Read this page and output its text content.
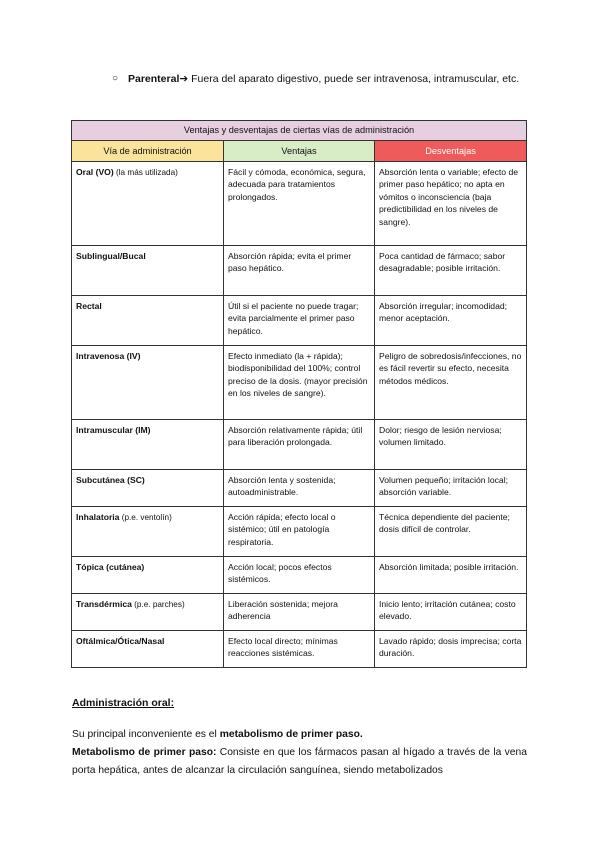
○ Parenteral➔ Fuera del aparato digestivo, puede ser intravenosa, intramuscular, etc.
Ventajas y desventajas de ciertas vías de administración		
Vía de administración	Ventajas	Desventajas
Oral (VO) (la más utilizada)	Fácil y cómoda, económica, segura, adecuada para tratamientos prolongados.	Absorción lenta o variable; efecto de primer paso hepático; no apta en vómitos o inconsciencia (baja predictibilidad en los niveles de sangre).
Sublingual/Bucal	Absorción rápida; evita el primer paso hepático.	Poca cantidad de fármaco; sabor desagradable; posible irritación.
Rectal	Útil si el paciente no puede tragar; evita parcialmente el primer paso hepático.	Absorción irregular; incomodidad; menor aceptación.
Intravenosa (IV)	Efecto inmediato (la + rápida); biodisponibilidad del 100%; control preciso de la dosis. (mayor precisión en los niveles de sangre).	Peligro de sobredosis/infecciones, no es fácil revertir su efecto, necesita métodos médicos.
Intramuscular (IM)	Absorción relativamente rápida; útil para liberación prolongada.	Dolor; riesgo de lesión nerviosa; volumen limitado.
Subcutánea (SC)	Absorción lenta y sostenida; autoadministrable.	Volumen pequeño; irritación local; absorción variable.
Inhalatoria (p.e. ventolín)	Acción rápida; efecto local o sistémico; útil en patología respiratoria.	Técnica dependiente del paciente; dosis difícil de controlar.
Tópica (cutánea)	Acción local; pocos efectos sistémicos.	Absorción limitada; posible irritación.
Transdérmica (p.e. parches)	Liberación sostenida; mejora adherencia	Inicio lento; irritación cutánea; costo elevado.
Oftálmica/Ótica/Nasal	Efecto local directo; mínimas reacciones sistémicas.	Lavado rápido; dosis imprecisa; corta duración.
Administración oral:
Su principal inconveniente es el metabolismo de primer paso.
Metabolismo de primer paso: Consiste en que los fármacos pasan al hígado a través de la vena porta hepática, antes de alcanzar la circulación sanguínea, siendo metabolizados
